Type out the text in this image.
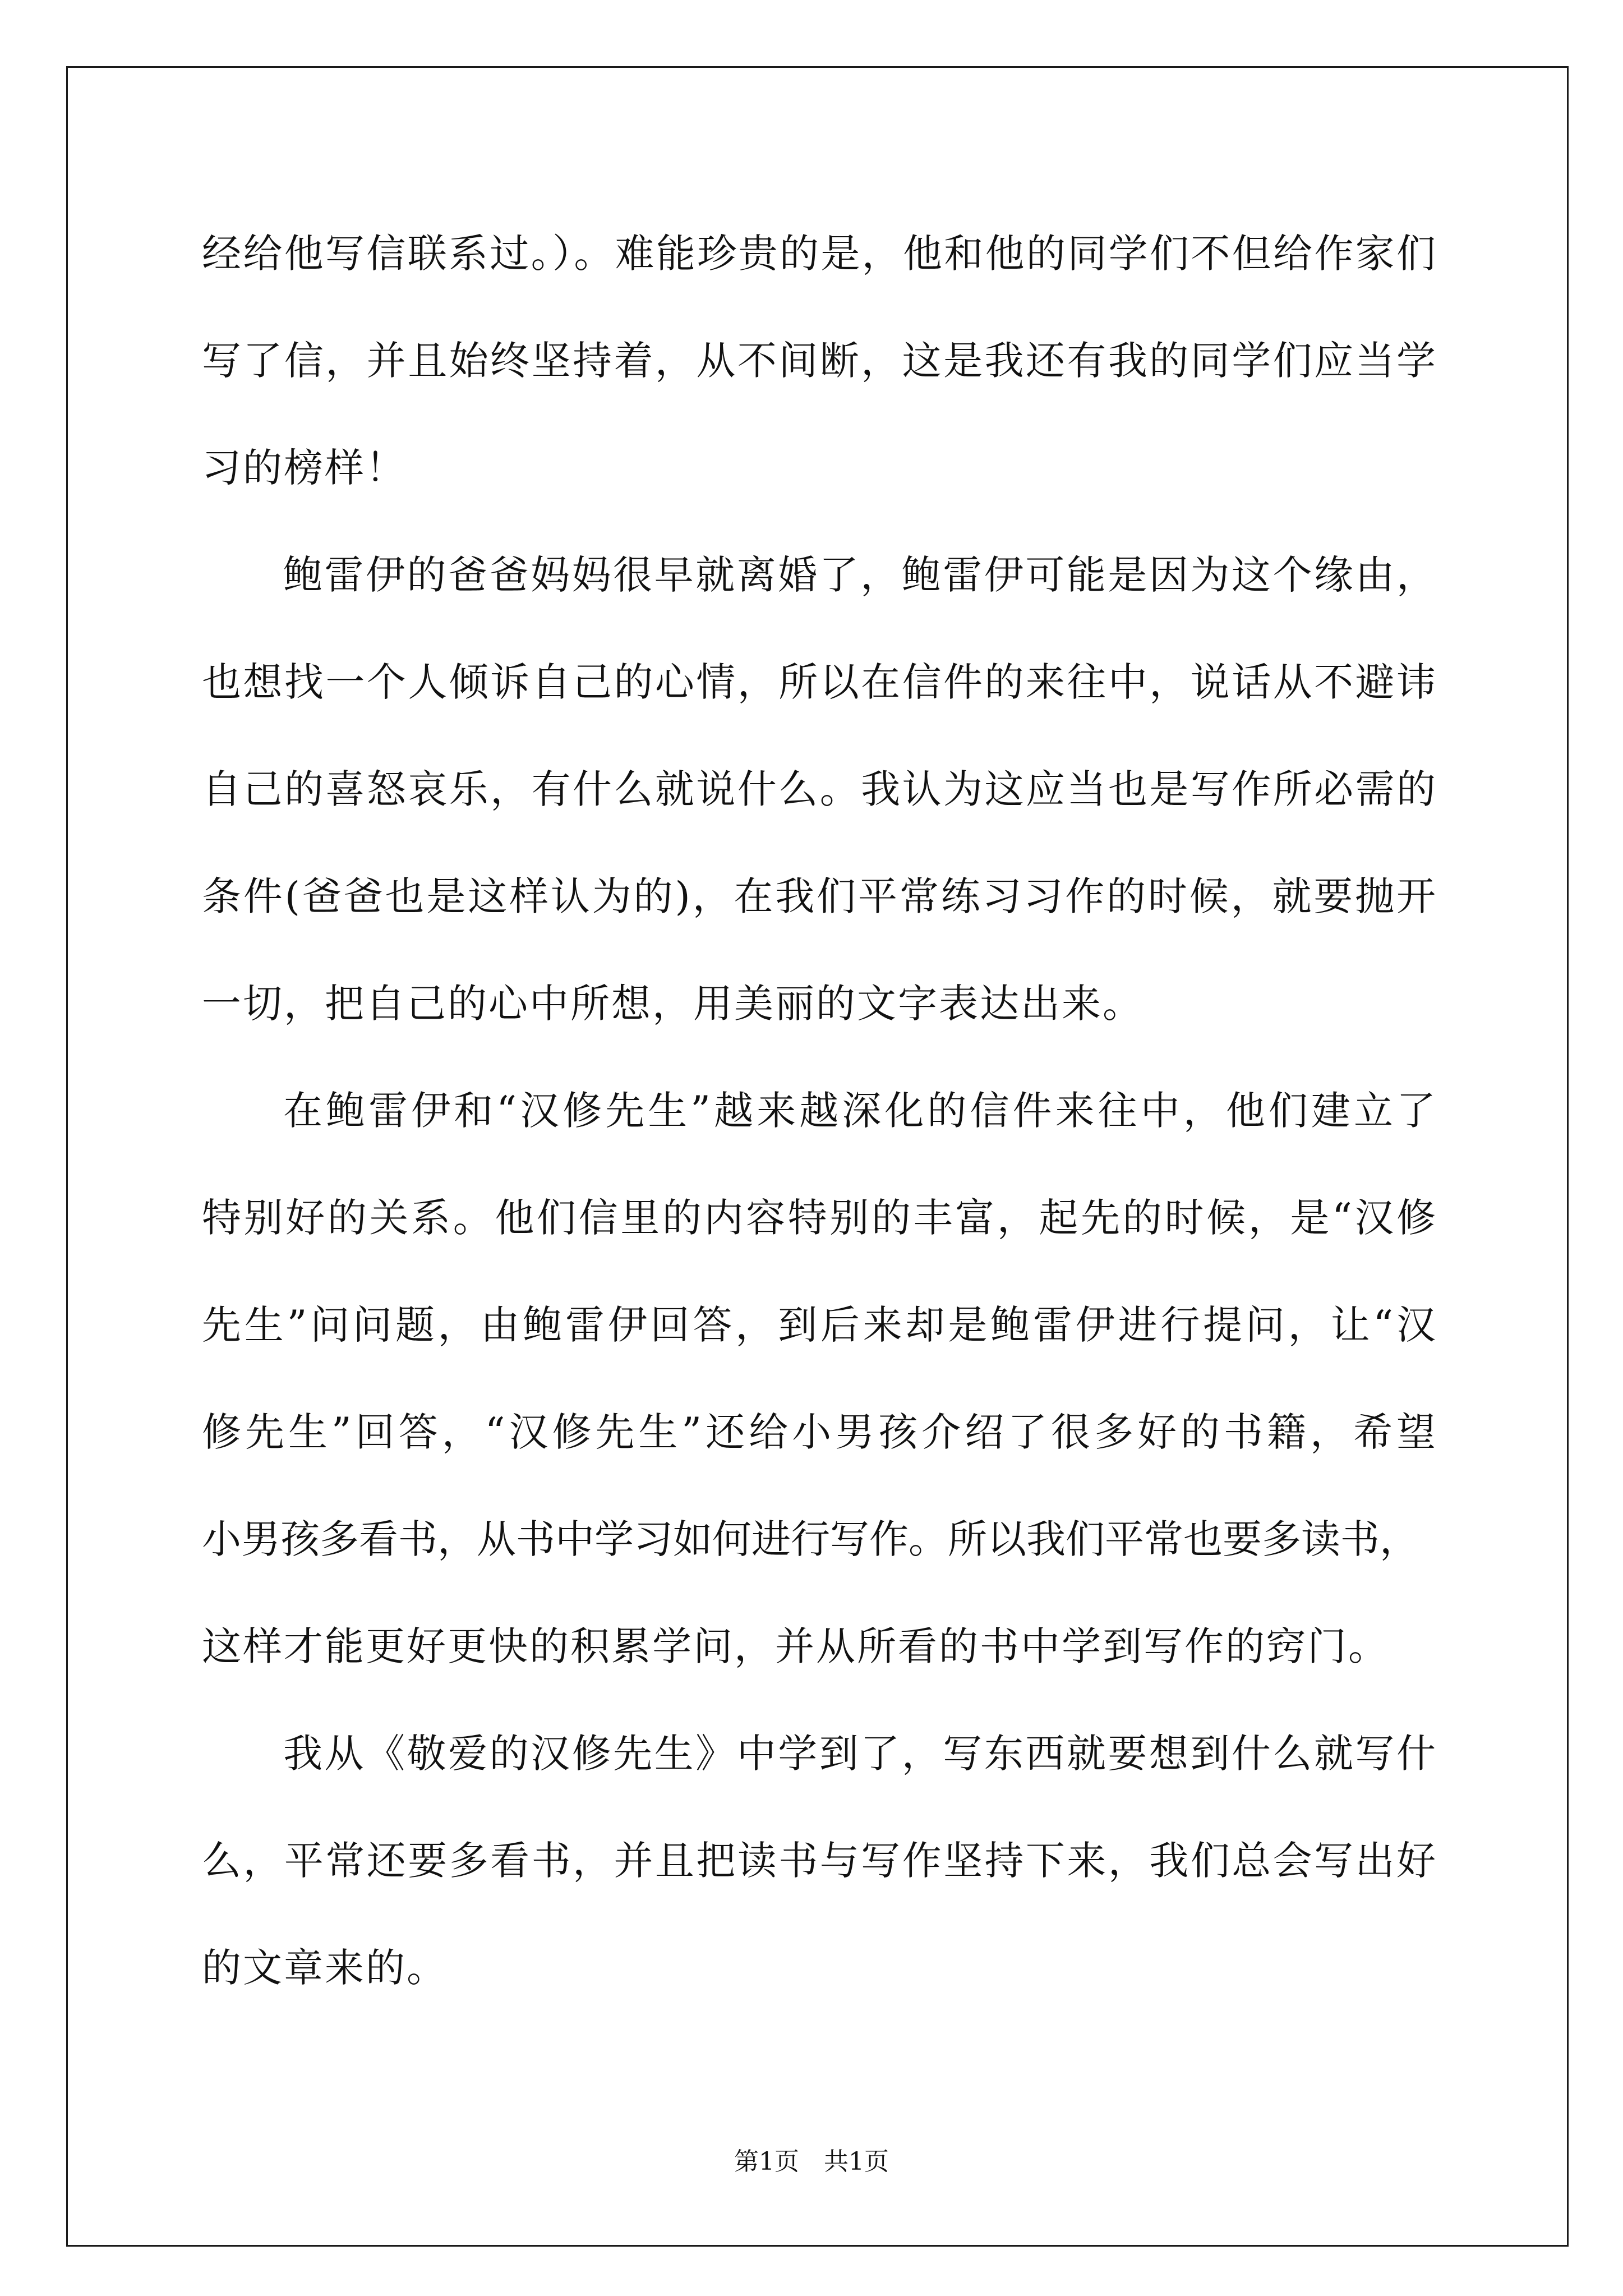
经给他写信联系过。）。难能珍贵的是，他和他的同学们不但给作家们
写了信，并且始终坚持着，从不间断，这是我还有我的同学们应当学
习的榜样！
鲍雷伊的爸爸妈妈很早就离婚了，鲍雷伊可能是因为这个缘由，
也想找一个人倾诉自己的心情，所以在信件的来往中，说话从不避讳
自己的喜怒哀乐，有什么就说什么。我认为这应当也是写作所必需的
条件(爸爸也是这样认为的)，在我们平常练习习作的时候，就要抛开
一切，把自己的心中所想，用美丽的文字表达出来。
在鲍雷伊和“汉修先生”越来越深化的信件来往中，他们建立了
特别好的关系。他们信里的内容特别的丰富，起先的时候，是“汉修
先生”问问题，由鲍雷伊回答，到后来却是鲍雷伊进行提问，让“汉
修先生”回答，“汉修先生”还给小男孩介绍了很多好的书籍，希望
小男孩多看书，从书中学习如何进行写作。所以我们平常也要多读书，
这样才能更好更快的积累学问，并从所看的书中学到写作的窍门。
我从《敬爱的汉修先生》中学到了，写东西就要想到什么就写什
么，平常还要多看书，并且把读书与写作坚持下来，我们总会写出好
的文章来的。
第1页　共1页
